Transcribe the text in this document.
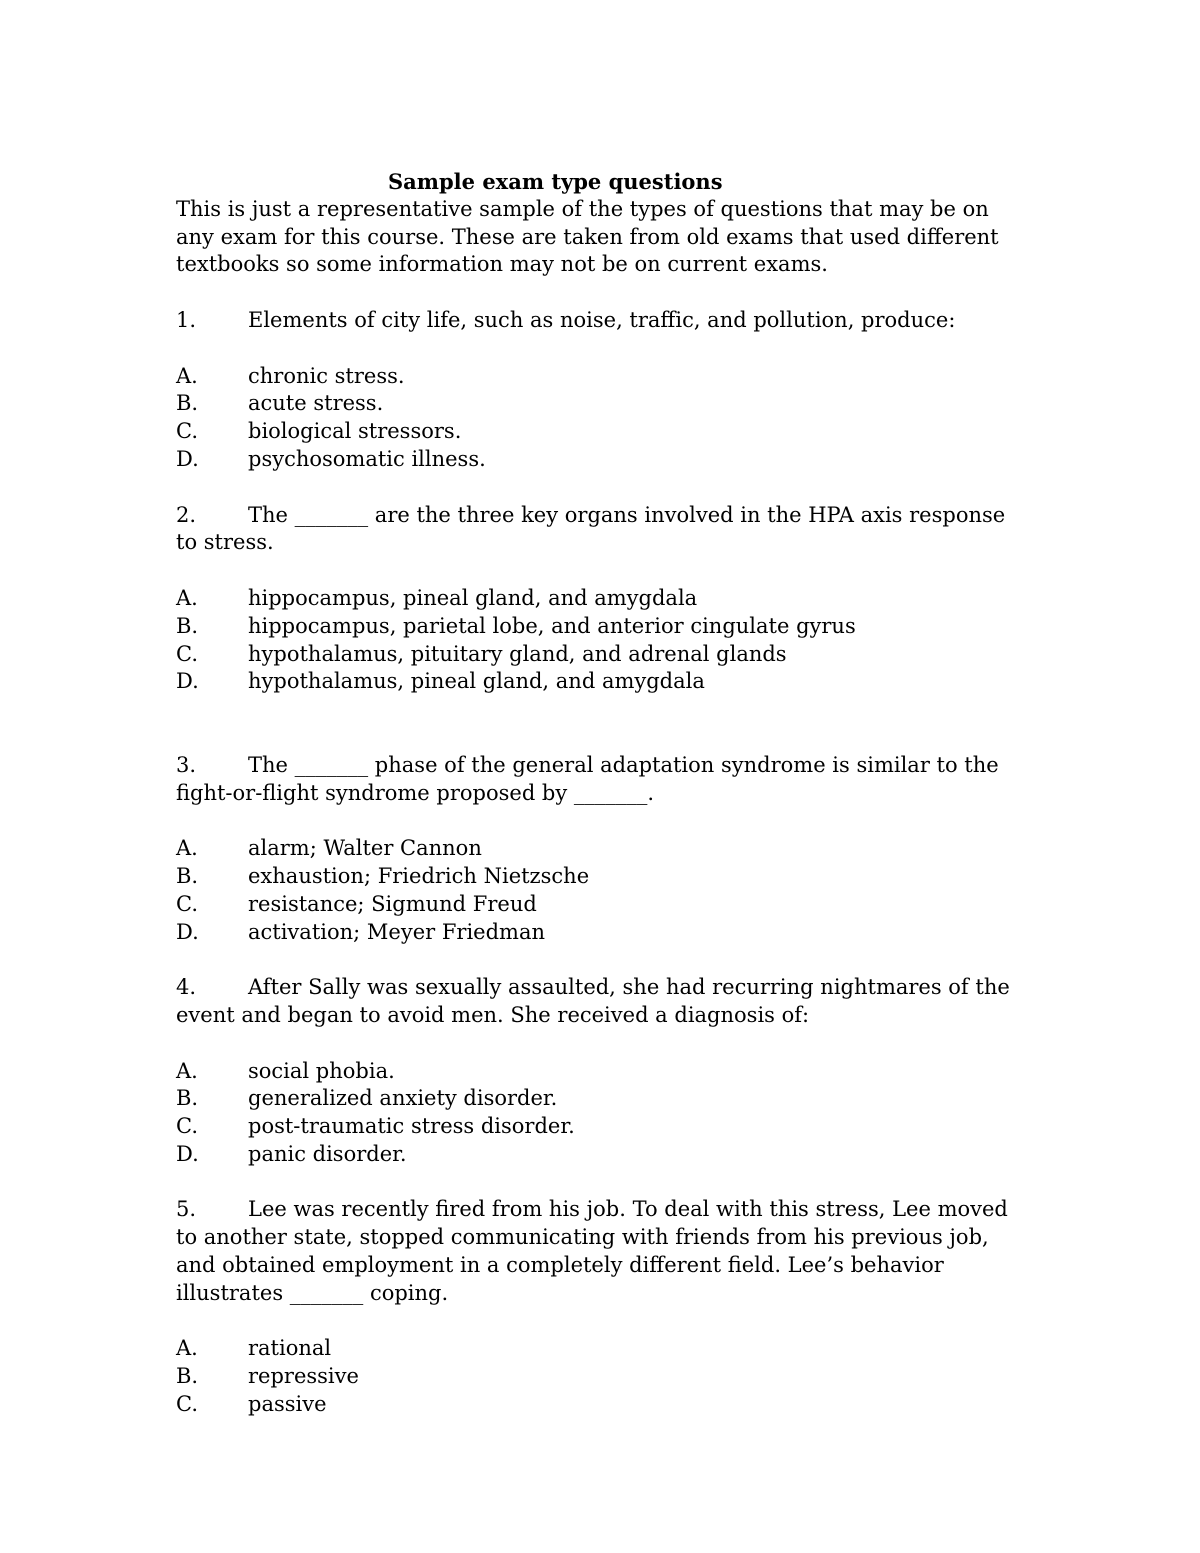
Sample exam type questions

This is just a representative sample of the types of questions that may be on any exam for this course. These are taken from old exams that used different textbooks so some information may not be on current exams.

1. Elements of city life, such as noise, traffic, and pollution, produce:

A.	chronic stress.
B.	acute stress.
C.	biological stressors.
D.	psychosomatic illness.

2. The _______ are the three key organs involved in the HPA axis response to stress.

A.	hippocampus, pineal gland, and amygdala
B.	hippocampus, parietal lobe, and anterior cingulate gyrus
C.	hypothalamus, pituitary gland, and adrenal glands
D.	hypothalamus, pineal gland, and amygdala

3. The _______ phase of the general adaptation syndrome is similar to the fight-or-flight syndrome proposed by _______.

A.	alarm; Walter Cannon
B.	exhaustion; Friedrich Nietzsche
C.	resistance; Sigmund Freud
D.	activation; Meyer Friedman

4. After Sally was sexually assaulted, she had recurring nightmares of the event and began to avoid men. She received a diagnosis of:

A.	social phobia.
B.	generalized anxiety disorder.
C.	post-traumatic stress disorder.
D.	panic disorder.

5. Lee was recently fired from his job. To deal with this stress, Lee moved to another state, stopped communicating with friends from his previous job, and obtained employment in a completely different field. Lee’s behavior illustrates _______ coping.

A.	rational
B.	repressive
C.	passive
